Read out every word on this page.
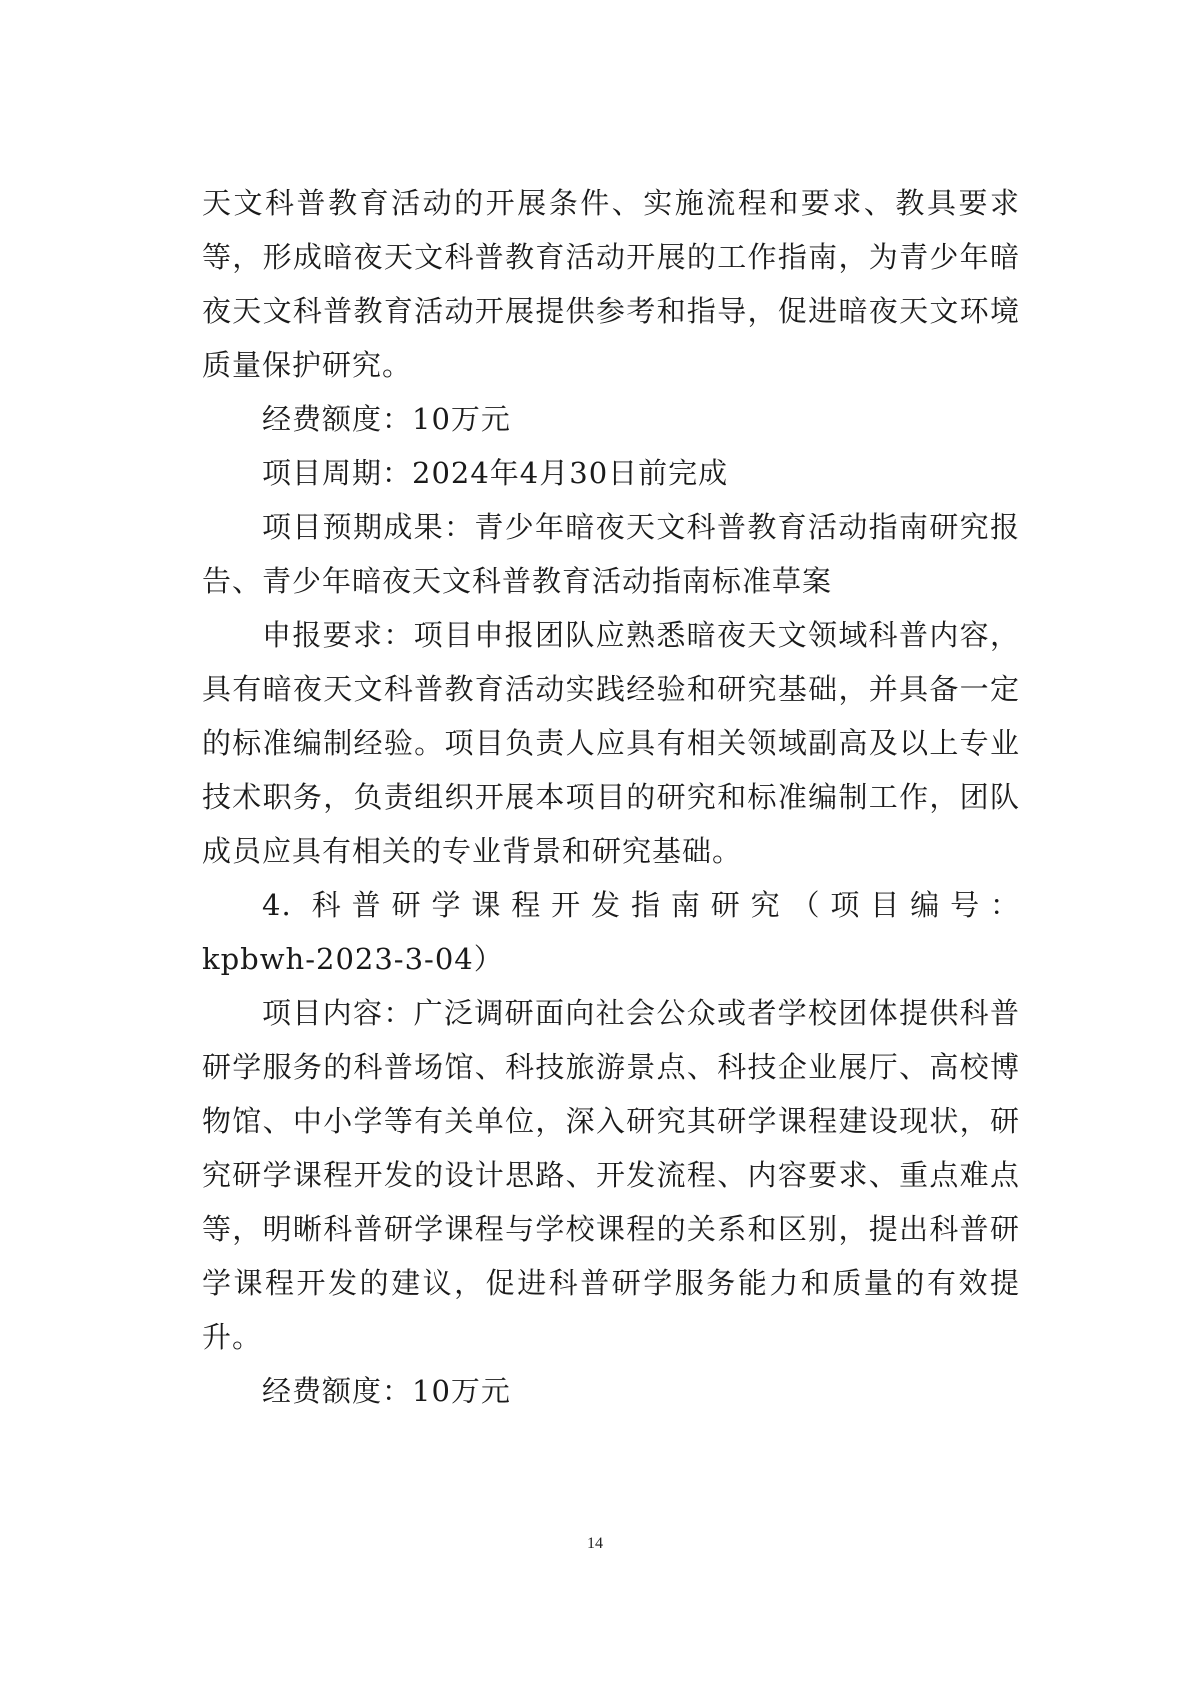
天文科普教育活动的开展条件、实施流程和要求、教具要求等，形成暗夜天文科普教育活动开展的工作指南，为青少年暗夜天文科普教育活动开展提供参考和指导，促进暗夜天文环境质量保护研究。

经费额度：10万元

项目周期：2024年4月30日前完成

项目预期成果：青少年暗夜天文科普教育活动指南研究报告、青少年暗夜天文科普教育活动指南标准草案

申报要求：项目申报团队应熟悉暗夜天文领域科普内容，具有暗夜天文科普教育活动实践经验和研究基础，并具备一定的标准编制经验。项目负责人应具有相关领域副高及以上专业技术职务，负责组织开展本项目的研究和标准编制工作，团队成员应具有相关的专业背景和研究基础。

4. 科普研学课程开发指南研究（项目编号：

kpbwh-2023-3-04）

项目内容：广泛调研面向社会公众或者学校团体提供科普研学服务的科普场馆、科技旅游景点、科技企业展厅、高校博物馆、中小学等有关单位，深入研究其研学课程建设现状，研究研学课程开发的设计思路、开发流程、内容要求、重点难点等，明晰科普研学课程与学校课程的关系和区别，提出科普研学课程开发的建议，促进科普研学服务能力和质量的有效提升。

经费额度：10万元

14
